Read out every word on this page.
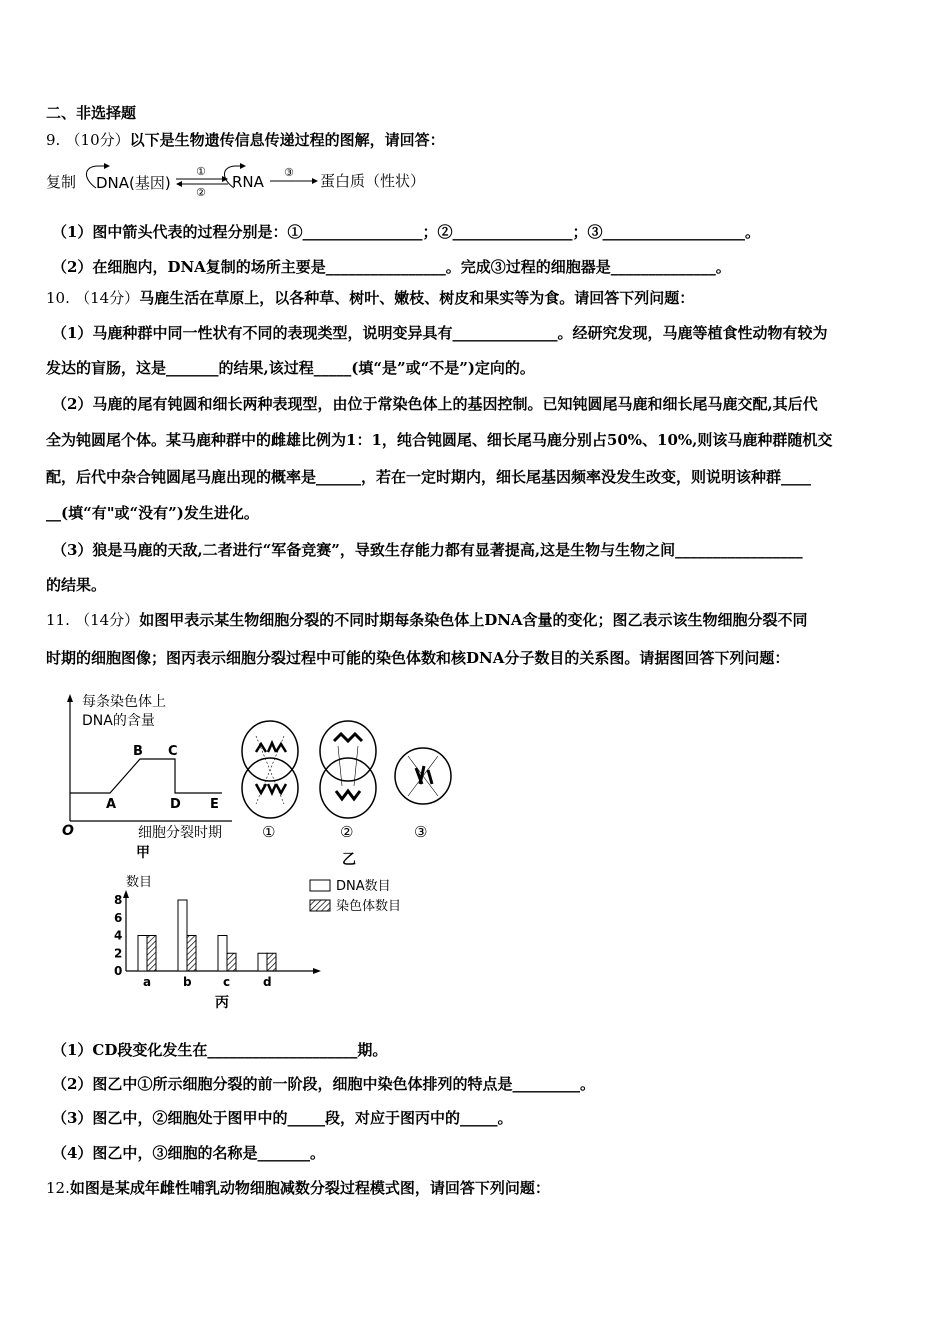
二、非选择题
9. （10分）以下是生物遗传信息传递过程的图解，请回答：
复制 DNA(基因)
①
②
RNA
③ 蛋白质（性状）
（1）图中箭头代表的过程分别是：①________________；②________________；③___________________。
（2）在细胞内，DNA复制的场所主要是________________。完成③过程的细胞器是______________。
10. （14分）马鹿生活在草原上，以各种草、树叶、嫩枝、树皮和果实等为食。请回答下列问题：
（1）马鹿种群中同一性状有不同的表现类型，说明变异具有______________。经研究发现，马鹿等植食性动物有较为
发达的盲肠，这是_______的结果,该过程_____(填“是”或“不是”)定向的。
（2）马鹿的尾有钝圆和细长两种表现型，由位于常染色体上的基因控制。已知钝圆尾马鹿和细长尾马鹿交配,其后代
全为钝圆尾个体。某马鹿种群中的雌雄比例为1：1，纯合钝圆尾、细长尾马鹿分别占50%、10%,则该马鹿种群随机交
配，后代中杂合钝圆尾马鹿出现的概率是______，若在一定时期内，细长尾基因频率没发生改变，则说明该种群____
__(填“有"或“没有”)发生进化。
（3）狼是马鹿的天敌,二者进行“军备竞赛”，导致生存能力都有显著提高,这是生物与生物之间_________________
的结果。
11. （14分）如图甲表示某生物细胞分裂的不同时期每条染色体上DNA含量的变化；图乙表示该生物细胞分裂不同
时期的细胞图像；图丙表示细胞分裂过程中可能的染色体数和核DNA分子数目的关系图。请据图回答下列问题：
每条染色体上
DNA的含量
O
A
B C
D E
细胞分裂时期
甲
①	②	③
乙
数目
0
2
4
6
8
a	b	c	d
DNA数目
染色体数目
丙
（1）CD段变化发生在____________________期。
（2）图乙中①所示细胞分裂的前一阶段，细胞中染色体排列的特点是_________。
（3）图乙中，②细胞处于图甲中的_____段，对应于图丙中的_____。
（4）图乙中，③细胞的名称是_______。
12.如图是某成年雌性哺乳动物细胞减数分裂过程模式图，请回答下列问题：
